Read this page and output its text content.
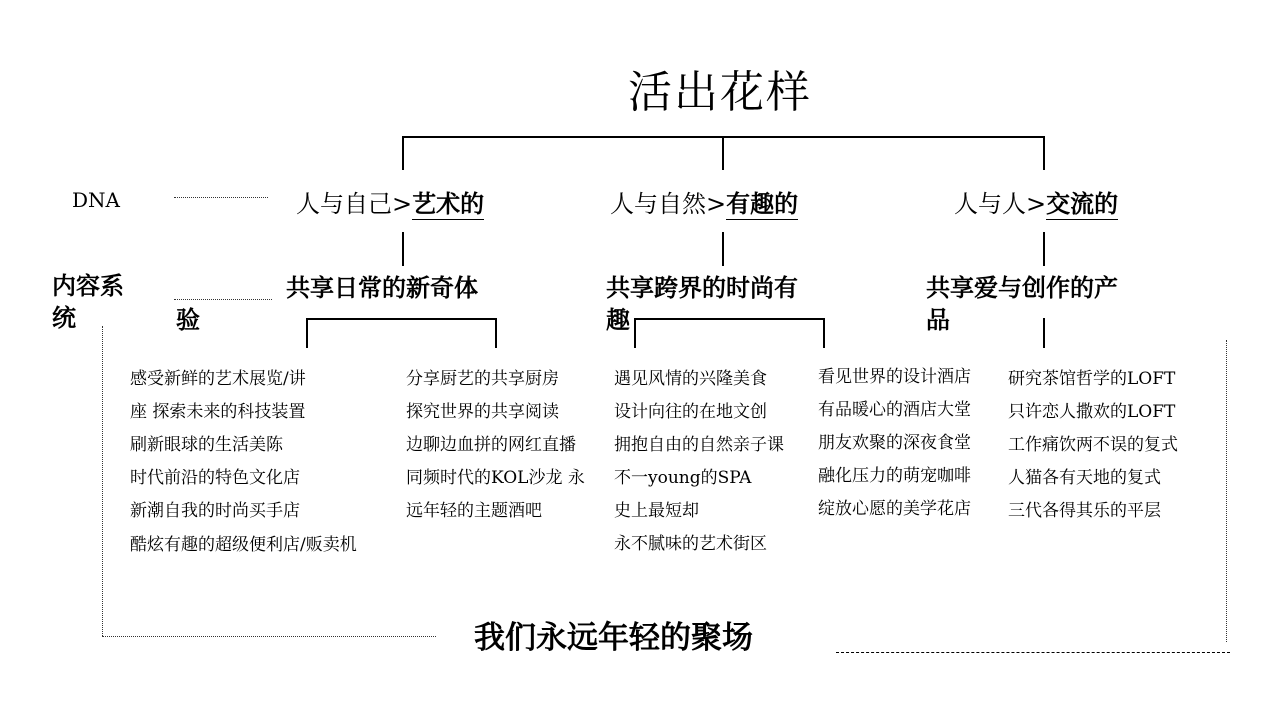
活出花样
DNA	人与自己>艺术的	人与自然>有趣的	人与人>交流的
内容系统
共享日常的新奇体
验
共享跨界的时尚有
趣
共享爱与创作的产
品
感受新鲜的艺术展览/讲
座 探索未来的科技装置
刷新眼球的生活美陈
时代前沿的特色文化店
新潮自我的时尚买手店
酷炫有趣的超级便利店/贩卖机
分享厨艺的共享厨房
探究世界的共享阅读
边聊边血拼的网红直播
同频时代的KOL沙龙 永
远年轻的主题酒吧
遇见风情的兴隆美食
设计向往的在地文创
拥抱自由的自然亲子课
不一young的SPA
史上最短却
永不腻味的艺术街区
看见世界的设计酒店
有品暖心的酒店大堂
朋友欢聚的深夜食堂
融化压力的萌宠咖啡
绽放心愿的美学花店
研究茶馆哲学的LOFT
只许恋人撒欢的LOFT
工作痛饮两不误的复式
人猫各有天地的复式
三代各得其乐的平层
我们永远年轻的聚场
